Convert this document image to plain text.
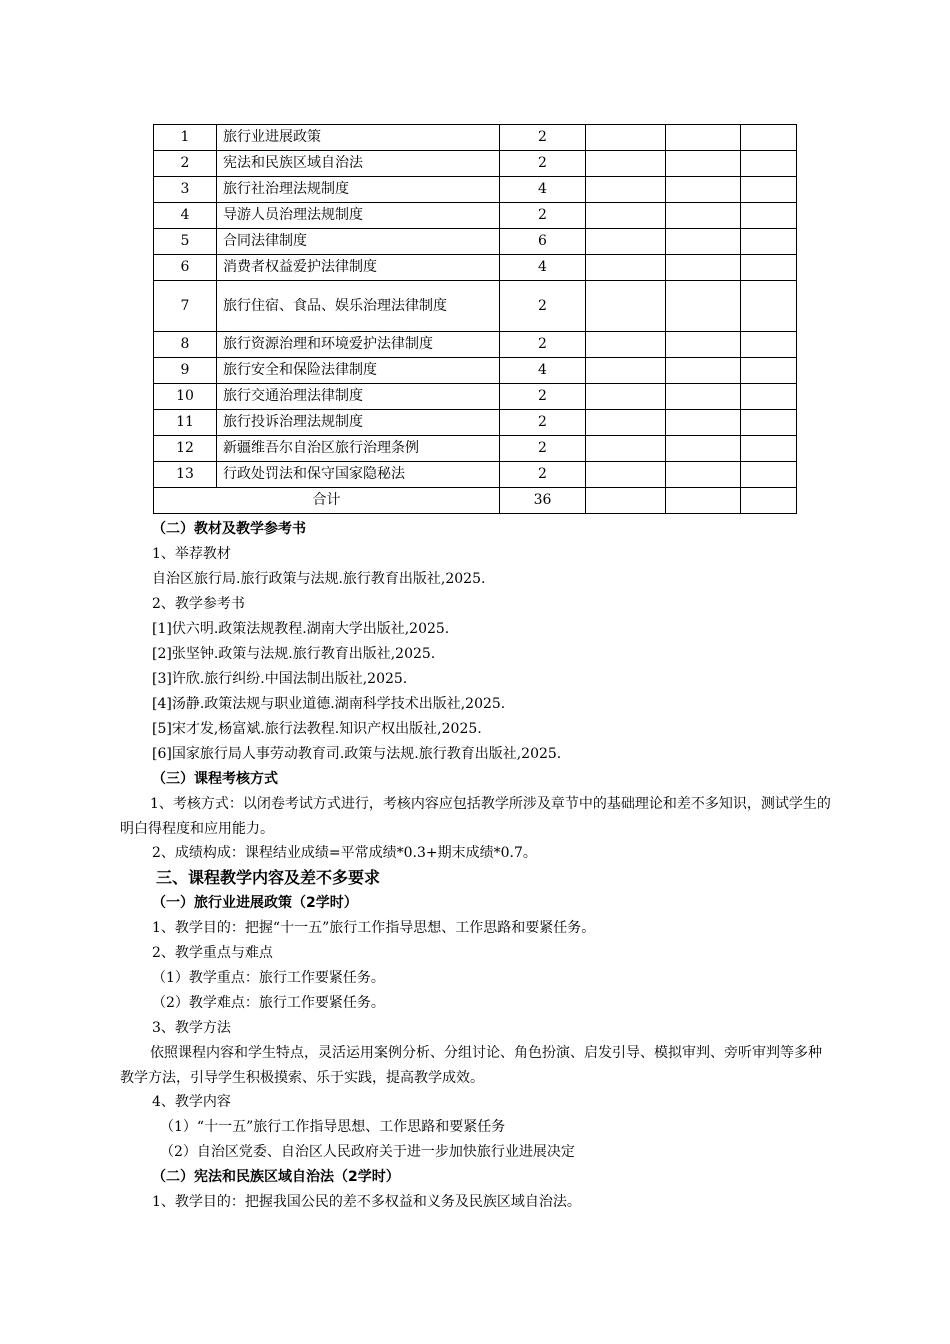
1	旅行业进展政策	2			
2	宪法和民族区域自治法	2			
3	旅行社治理法规制度	4			
4	导游人员治理法规制度	2			
5	合同法律制度	6			
6	消费者权益爱护法律制度	4			
7	旅行住宿、食品、娱乐治理法律制度	2			
8	旅行资源治理和环境爱护法律制度	2			
9	旅行安全和保险法律制度	4			
10	旅行交通治理法律制度	2			
11	旅行投诉治理法规制度	2			
12	新疆维吾尔自治区旅行治理条例	2			
13	行政处罚法和保守国家隐秘法	2			
合计		36			
（二）教材及教学参考书
1、举荐教材
自治区旅行局.旅行政策与法规.旅行教育出版社,2025.
2、教学参考书
[1]伏六明.政策法规教程.湖南大学出版社,2025.
[2]张坚钟.政策与法规.旅行教育出版社,2025.
[3]许欣.旅行纠纷.中国法制出版社,2025.
[4]汤静.政策法规与职业道德.湖南科学技术出版社,2025.
[5]宋才发,杨富斌.旅行法教程.知识产权出版社,2025.
[6]国家旅行局人事劳动教育司.政策与法规.旅行教育出版社,2025.
（三）课程考核方式
1、考核方式：以闭卷考试方式进行，考核内容应包括教学所涉及章节中的基础理论和差不多知识，测试学生的明白得程度和应用能力。
2、成绩构成：课程结业成绩=平常成绩*0.3+期末成绩*0.7。
三、课程教学内容及差不多要求
（一）旅行业进展政策（2学时）
1、教学目的：把握“十一五”旅行工作指导思想、工作思路和要紧任务。
2、教学重点与难点
（1）教学重点：旅行工作要紧任务。
（2）教学难点：旅行工作要紧任务。
3、教学方法
依照课程内容和学生特点，灵活运用案例分析、分组讨论、角色扮演、启发引导、模拟审判、旁听审判等多种教学方法，引导学生积极摸索、乐于实践，提高教学成效。
4、教学内容
（1）“十一五”旅行工作指导思想、工作思路和要紧任务
（2）自治区党委、自治区人民政府关于进一步加快旅行业进展决定
（二）宪法和民族区域自治法（2学时）
1、教学目的：把握我国公民的差不多权益和义务及民族区域自治法。
